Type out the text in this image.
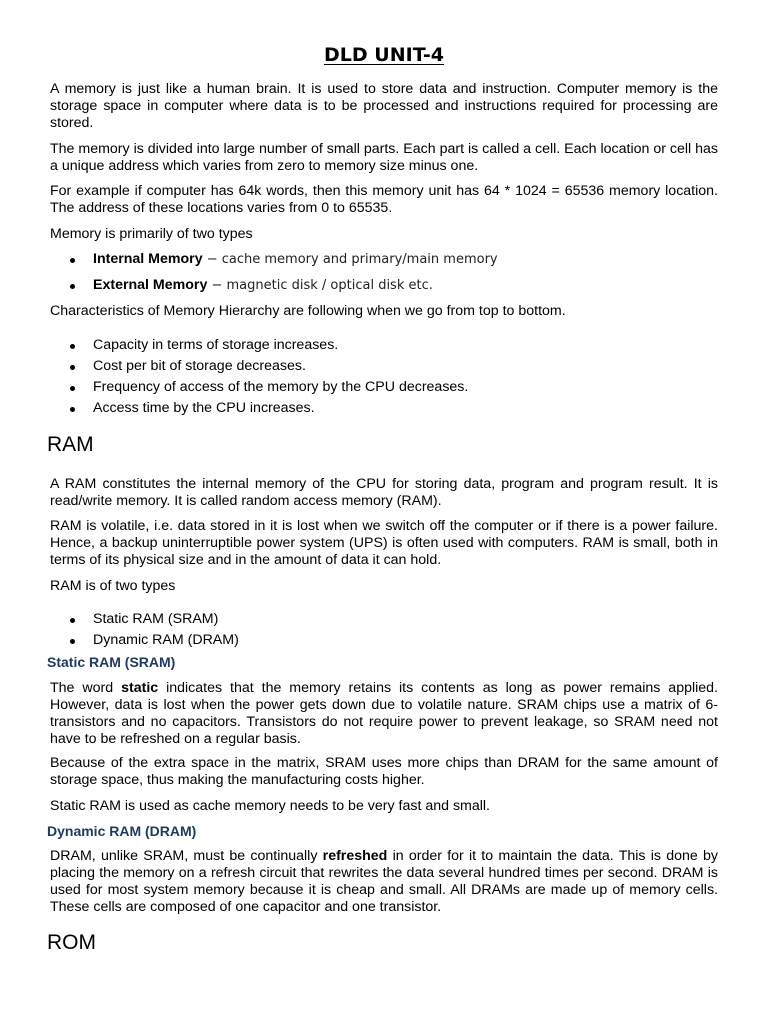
DLD UNIT-4

A memory is just like a human brain. It is used to store data and instruction. Computer memory is the storage space in computer where data is to be processed and instructions required for processing are stored.

The memory is divided into large number of small parts. Each part is called a cell. Each location or cell has a unique address which varies from zero to memory size minus one.

For example if computer has 64k words, then this memory unit has 64 * 1024 = 65536 memory location. The address of these locations varies from 0 to 65535.

Memory is primarily of two types

Internal Memory − cache memory and primary/main memory
External Memory − magnetic disk / optical disk etc.

Characteristics of Memory Hierarchy are following when we go from top to bottom.

Capacity in terms of storage increases.
Cost per bit of storage decreases.
Frequency of access of the memory by the CPU decreases.
Access time by the CPU increases.
RAM

A RAM constitutes the internal memory of the CPU for storing data, program and program result. It is read/write memory. It is called random access memory (RAM).

RAM is volatile, i.e. data stored in it is lost when we switch off the computer or if there is a power failure. Hence, a backup uninterruptible power system (UPS) is often used with computers. RAM is small, both in terms of its physical size and in the amount of data it can hold.

RAM is of two types

Static RAM (SRAM)
Dynamic RAM (DRAM)
Static RAM (SRAM)

The word static indicates that the memory retains its contents as long as power remains applied. However, data is lost when the power gets down due to volatile nature. SRAM chips use a matrix of 6-transistors and no capacitors. Transistors do not require power to prevent leakage, so SRAM need not have to be refreshed on a regular basis.

Because of the extra space in the matrix, SRAM uses more chips than DRAM for the same amount of storage space, thus making the manufacturing costs higher.

Static RAM is used as cache memory needs to be very fast and small.

Dynamic RAM (DRAM)

DRAM, unlike SRAM, must be continually refreshed in order for it to maintain the data. This is done by placing the memory on a refresh circuit that rewrites the data several hundred times per second. DRAM is used for most system memory because it is cheap and small. All DRAMs are made up of memory cells. These cells are composed of one capacitor and one transistor.

ROM
